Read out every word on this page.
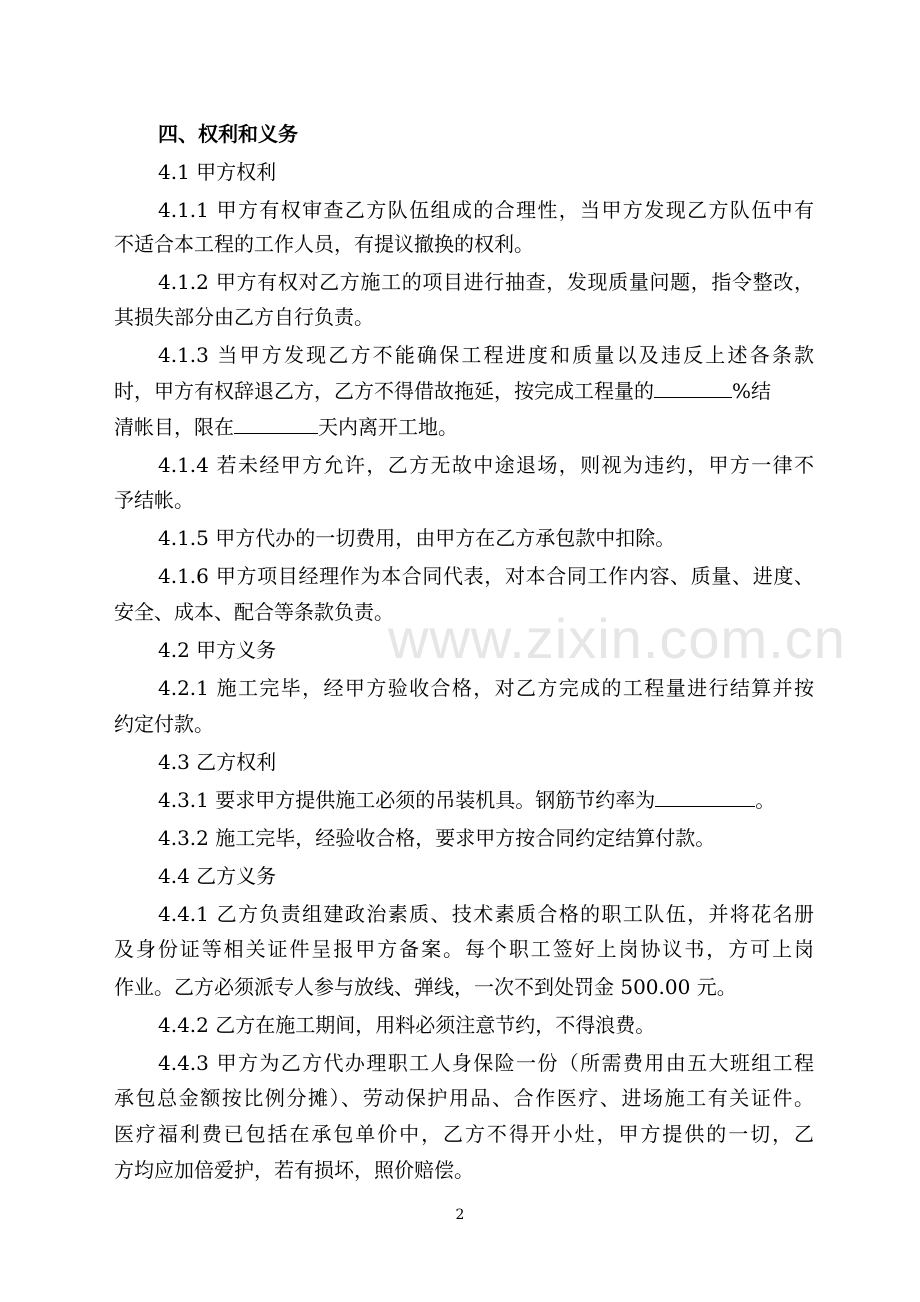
www.zixin.com.cn
四、权利和义务
4.1 甲方权利
4.1.1 甲方有权审查乙方队伍组成的合理性，当甲方发现乙方队伍中有
不适合本工程的工作人员，有提议撤换的权利。
4.1.2 甲方有权对乙方施工的项目进行抽查，发现质量问题，指令整改，
其损失部分由乙方自行负责。
4.1.3 当甲方发现乙方不能确保工程进度和质量以及违反上述各条款
时，甲方有权辞退乙方，乙方不得借故拖延，按完成工程量的	%结
清帐目，限在	天内离开工地。
4.1.4 若未经甲方允许，乙方无故中途退场，则视为违约，甲方一律不
予结帐。
4.1.5 甲方代办的一切费用，由甲方在乙方承包款中扣除。
4.1.6 甲方项目经理作为本合同代表，对本合同工作内容、质量、进度、
安全、成本、配合等条款负责。
4.2 甲方义务
4.2.1 施工完毕，经甲方验收合格，对乙方完成的工程量进行结算并按
约定付款。
4.3 乙方权利
4.3.1 要求甲方提供施工必须的吊装机具。钢筋节约率为	。
4.3.2 施工完毕，经验收合格，要求甲方按合同约定结算付款。
4.4 乙方义务
4.4.1 乙方负责组建政治素质、技术素质合格的职工队伍，并将花名册
及身份证等相关证件呈报甲方备案。每个职工签好上岗协议书，方可上岗
作业。乙方必须派专人参与放线、弹线，一次不到处罚金 500.00 元。
4.4.2 乙方在施工期间，用料必须注意节约，不得浪费。
4.4.3 甲方为乙方代办理职工人身保险一份（所需费用由五大班组工程
承包总金额按比例分摊）、劳动保护用品、合作医疗、进场施工有关证件。
医疗福利费已包括在承包单价中，乙方不得开小灶，甲方提供的一切，乙
方均应加倍爱护，若有损坏，照价赔偿。
2
